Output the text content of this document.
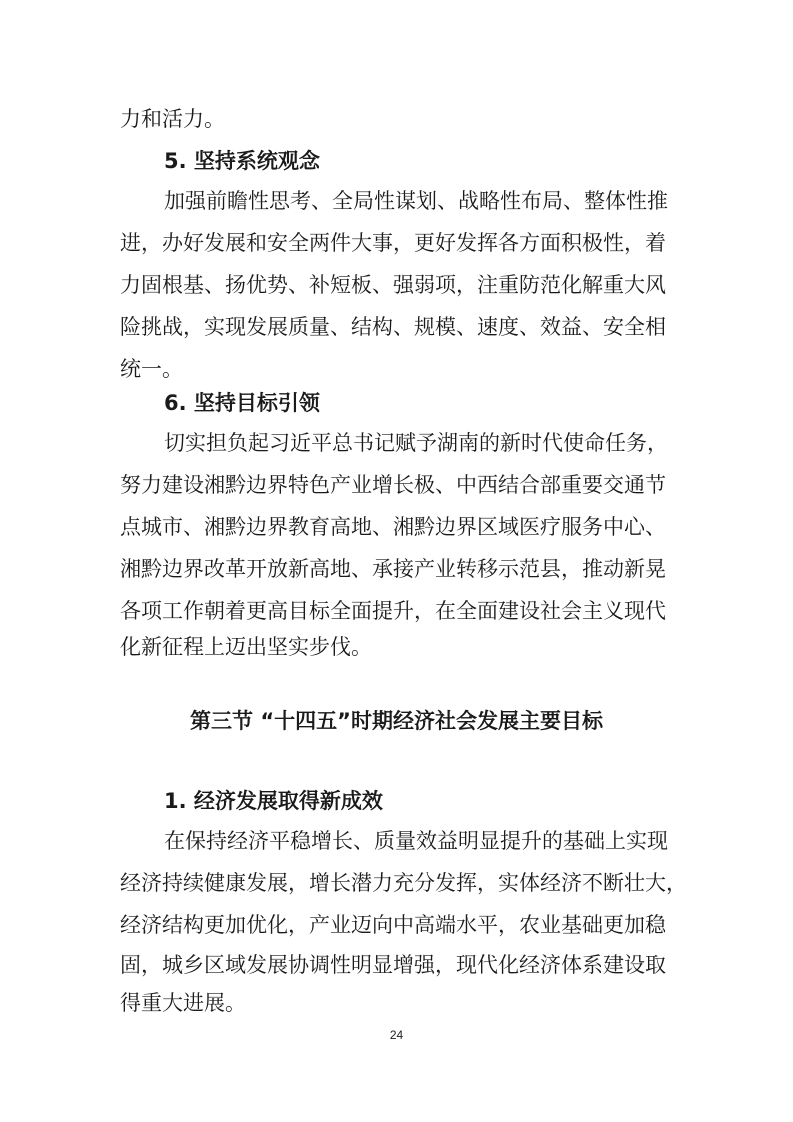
力和活力。
5. 坚持系统观念
加强前瞻性思考、全局性谋划、战略性布局、整体性推
进，办好发展和安全两件大事，更好发挥各方面积极性，着
力固根基、扬优势、补短板、强弱项，注重防范化解重大风
险挑战，实现发展质量、结构、规模、速度、效益、安全相
统一。
6. 坚持目标引领
切实担负起习近平总书记赋予湖南的新时代使命任务，
努力建设湘黔边界特色产业增长极、中西结合部重要交通节
点城市、湘黔边界教育高地、湘黔边界区域医疗服务中心、
湘黔边界改革开放新高地、承接产业转移示范县，推动新晃
各项工作朝着更高目标全面提升，在全面建设社会主义现代
化新征程上迈出坚实步伐。
第三节 “十四五”时期经济社会发展主要目标
1. 经济发展取得新成效
在保持经济平稳增长、质量效益明显提升的基础上实现
经济持续健康发展，增长潜力充分发挥，实体经济不断壮大，
经济结构更加优化，产业迈向中高端水平，农业基础更加稳
固，城乡区域发展协调性明显增强，现代化经济体系建设取
得重大进展。
24
